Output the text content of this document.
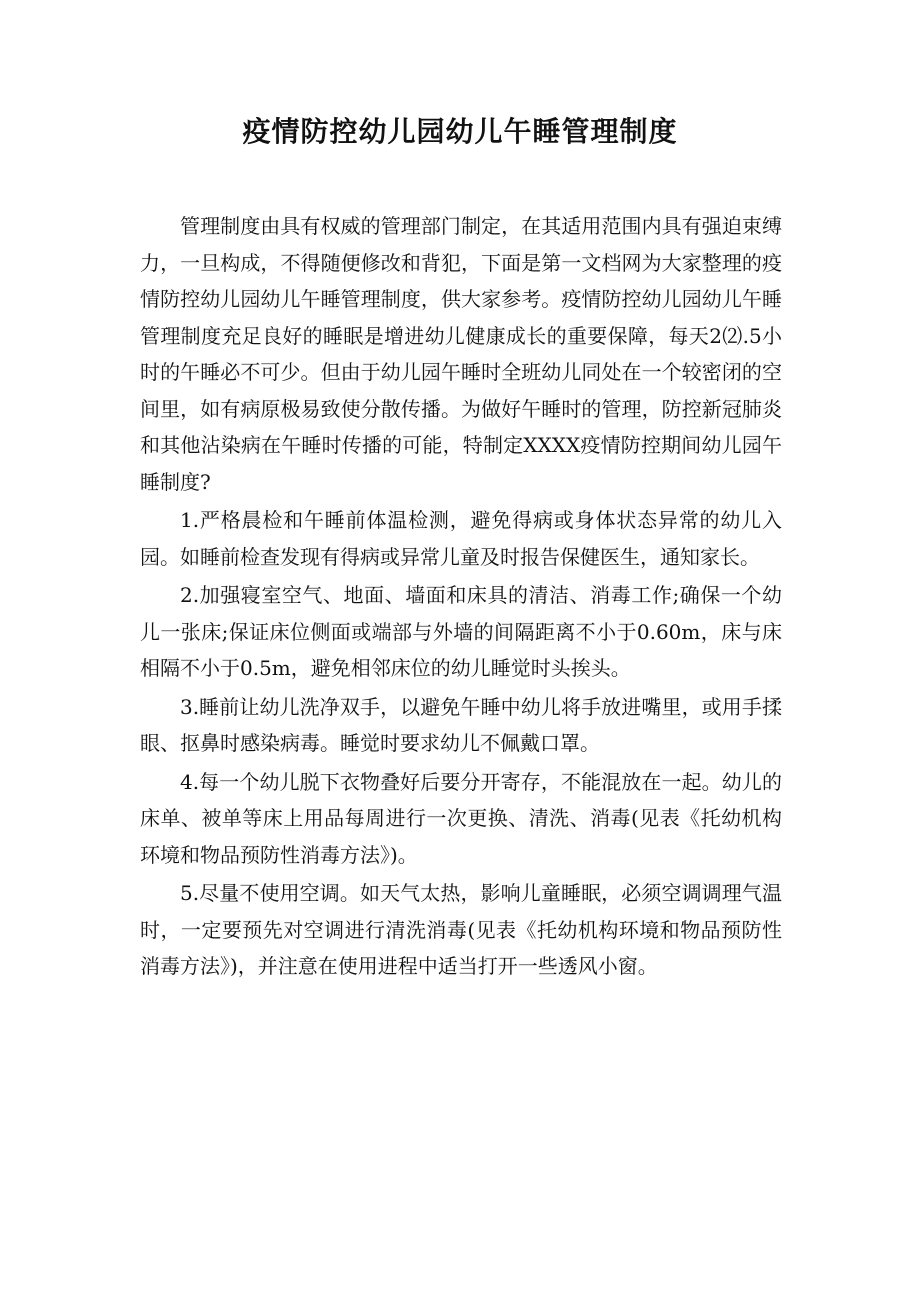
疫情防控幼儿园幼儿午睡管理制度

管理制度由具有权威的管理部门制定，在其适用范围内具有强迫束缚力，一旦构成，不得随便修改和背犯，下面是第一文档网为大家整理的疫情防控幼儿园幼儿午睡管理制度，供大家参考。疫情防控幼儿园幼儿午睡管理制度充足良好的睡眠是增进幼儿健康成长的重要保障，每天2⑵.5小时的午睡必不可少。但由于幼儿园午睡时全班幼儿同处在一个较密闭的空间里，如有病原极易致使分散传播。为做好午睡时的管理，防控新冠肺炎和其他沾染病在午睡时传播的可能，特制定XXXX疫情防控期间幼儿园午睡制度?

1.严格晨检和午睡前体温检测，避免得病或身体状态异常的幼儿入园。如睡前检查发现有得病或异常儿童及时报告保健医生，通知家长。

2.加强寝室空气、地面、墙面和床具的清洁、消毒工作;确保一个幼儿一张床;保证床位侧面或端部与外墙的间隔距离不小于0.60m，床与床相隔不小于0.5m，避免相邻床位的幼儿睡觉时头挨头。

3.睡前让幼儿洗净双手，以避免午睡中幼儿将手放进嘴里，或用手揉眼、抠鼻时感染病毒。睡觉时要求幼儿不佩戴口罩。

4.每一个幼儿脱下衣物叠好后要分开寄存，不能混放在一起。幼儿的床单、被单等床上用品每周进行一次更换、清洗、消毒(见表《托幼机构环境和物品预防性消毒方法》)。

5.尽量不使用空调。如天气太热，影响儿童睡眠，必须空调调理气温时，一定要预先对空调进行清洗消毒(见表《托幼机构环境和物品预防性消毒方法》)，并注意在使用进程中适当打开一些透风小窗。
